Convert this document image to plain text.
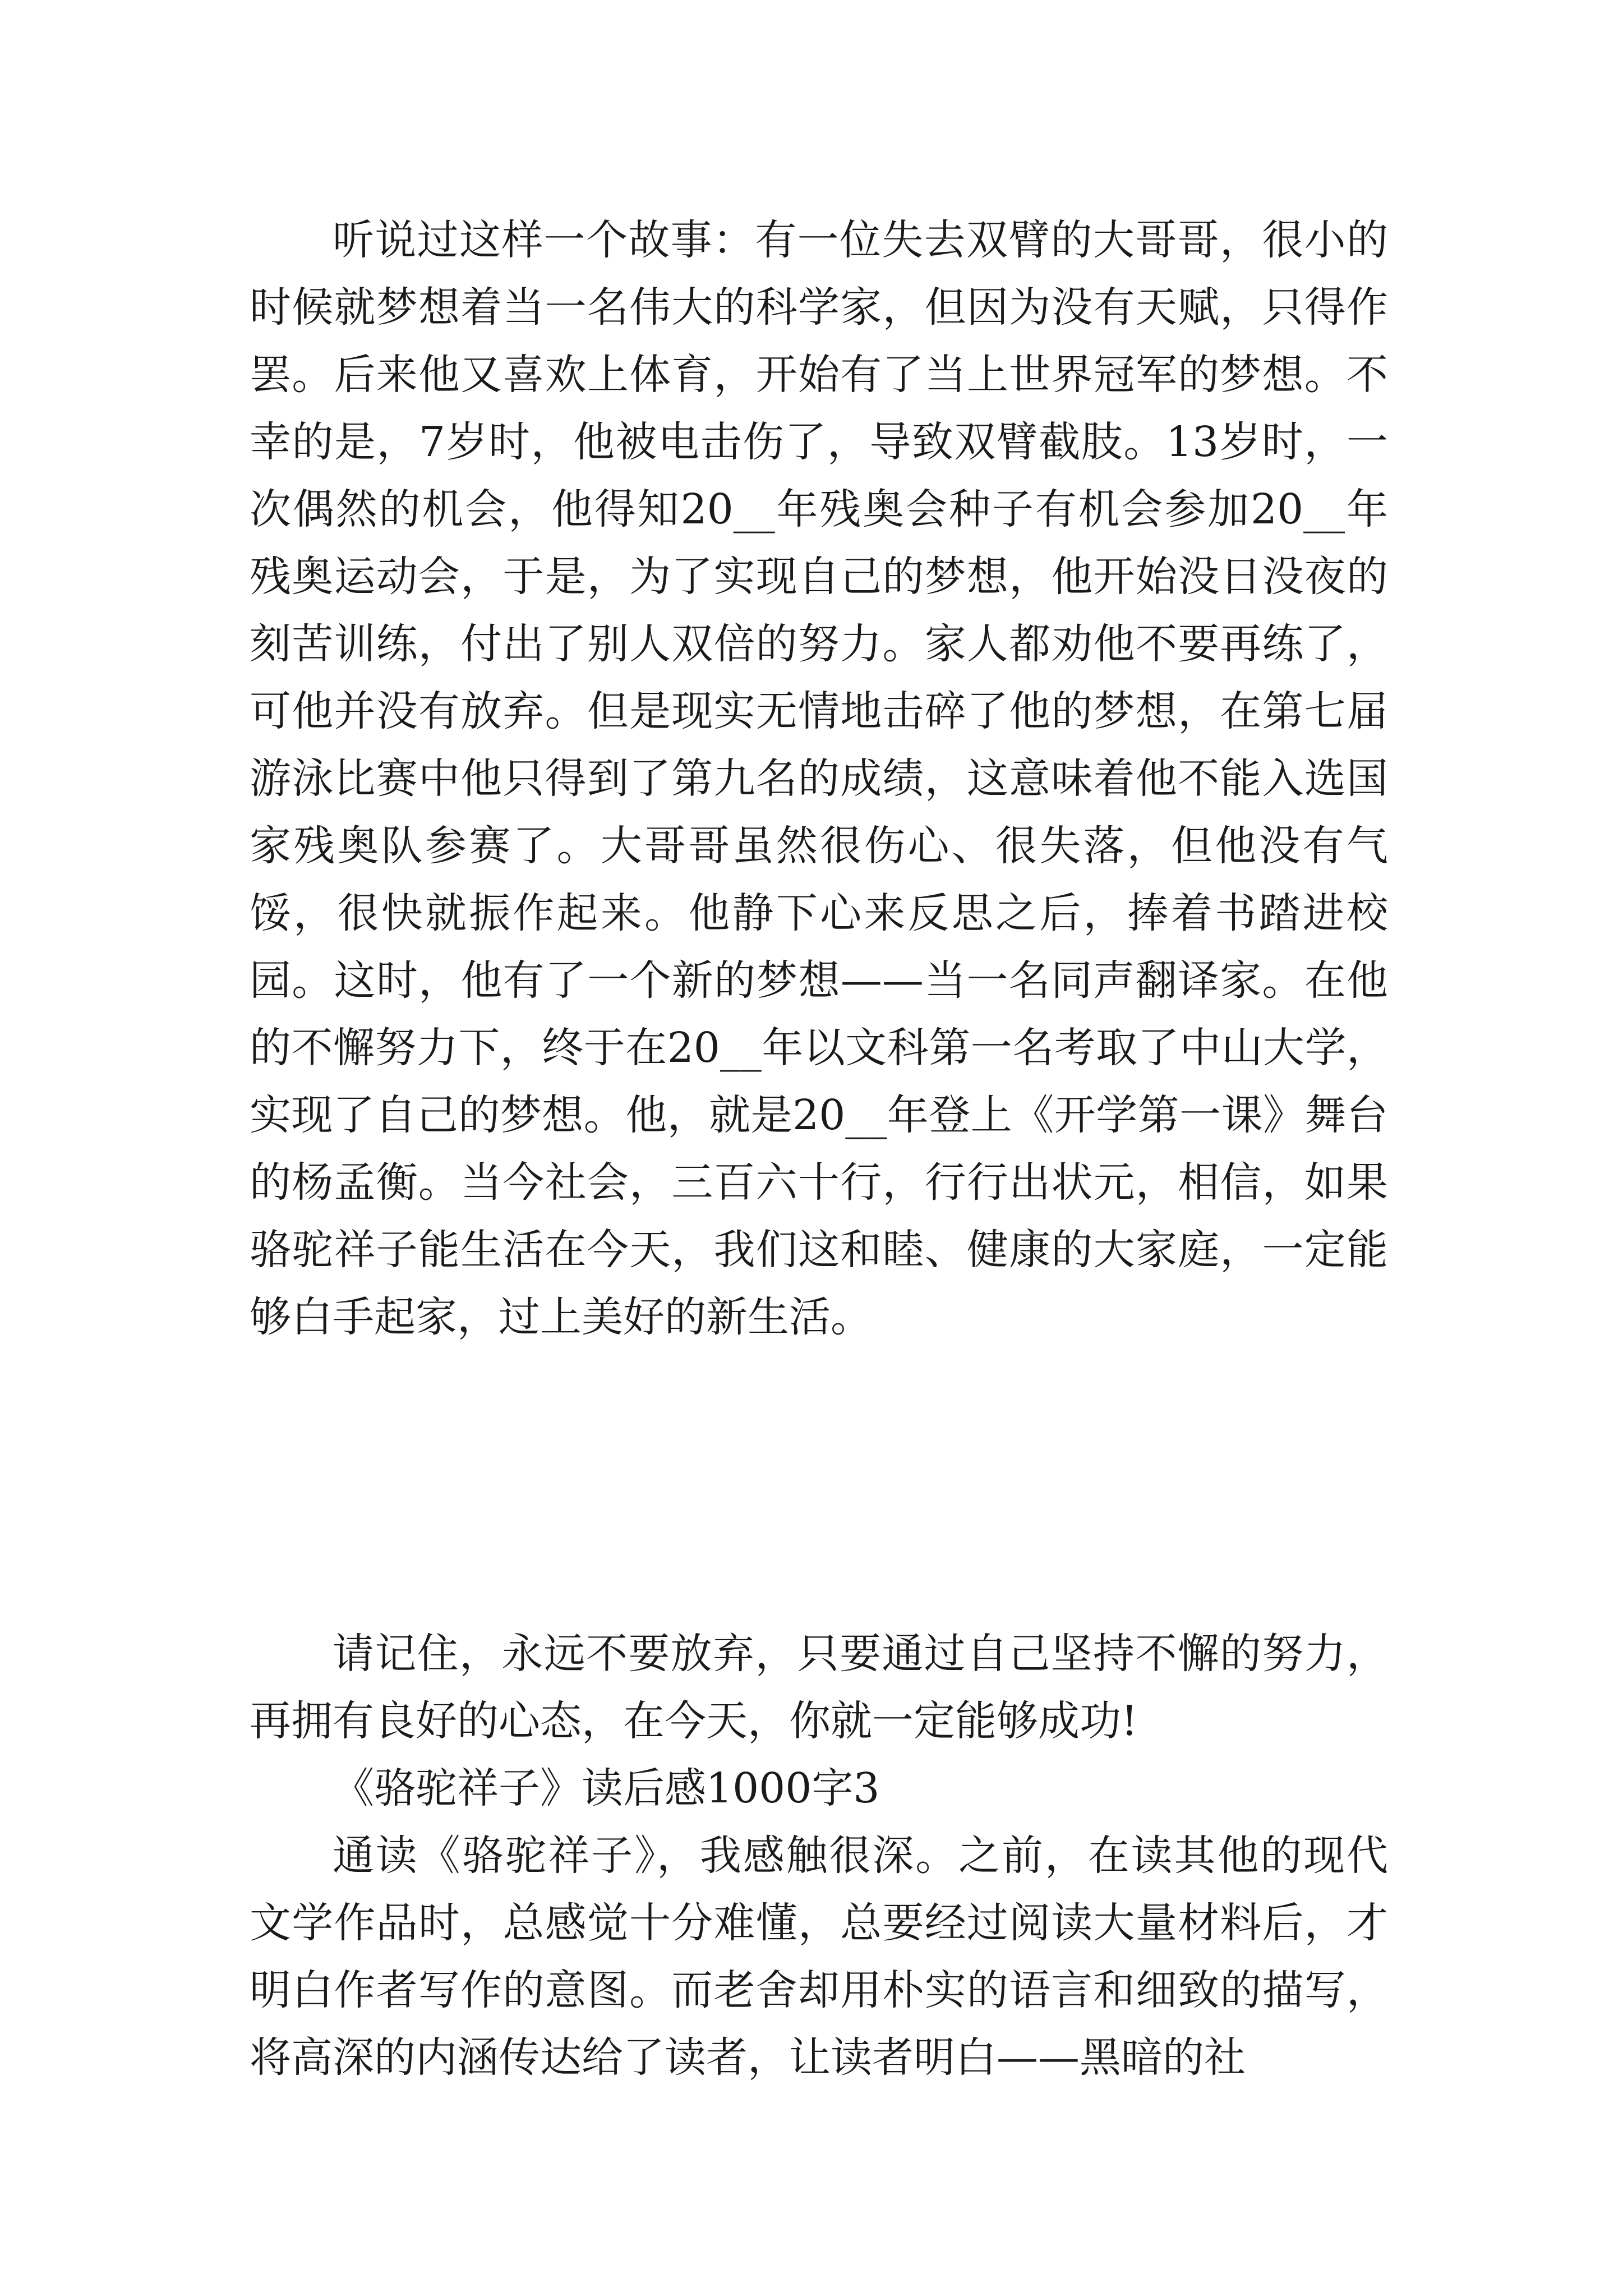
听说过这样一个故事：有一位失去双臂的大哥哥，很小的时候就梦想着当一名伟大的科学家，但因为没有天赋，只得作罢。后来他又喜欢上体育，开始有了当上世界冠军的梦想。不幸的是，7岁时，他被电击伤了，导致双臂截肢。13岁时，一次偶然的机会，他得知20__年残奥会种子有机会参加20__年残奥运动会，于是，为了实现自己的梦想，他开始没日没夜的刻苦训练，付出了别人双倍的努力。家人都劝他不要再练了，可他并没有放弃。但是现实无情地击碎了他的梦想，在第七届游泳比赛中他只得到了第九名的成绩，这意味着他不能入选国家残奥队参赛了。大哥哥虽然很伤心、很失落，但他没有气馁，很快就振作起来。他静下心来反思之后，捧着书踏进校园。这时，他有了一个新的梦想——当一名同声翻译家。在他的不懈努力下，终于在20__年以文科第一名考取了中山大学，实现了自己的梦想。他，就是20__年登上《开学第一课》舞台的杨孟衡。当今社会，三百六十行，行行出状元，相信，如果骆驼祥子能生活在今天，我们这和睦、健康的大家庭，一定能够白手起家，过上美好的新生活。

请记住，永远不要放弃，只要通过自己坚持不懈的努力，再拥有良好的心态，在今天，你就一定能够成功!

《骆驼祥子》读后感1000字3

通读《骆驼祥子》，我感触很深。之前，在读其他的现代文学作品时，总感觉十分难懂，总要经过阅读大量材料后，才明白作者写作的意图。而老舍却用朴实的语言和细致的描写，将高深的内涵传达给了读者，让读者明白——黑暗的社
